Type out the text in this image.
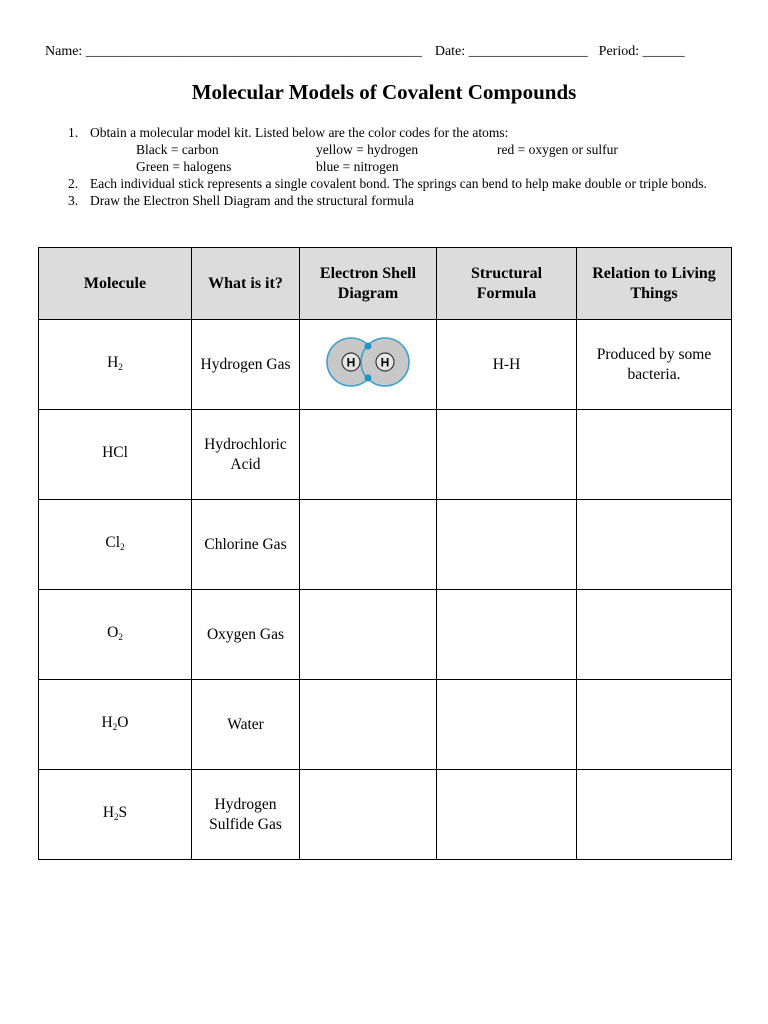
Name: ________________________________________________ Date: _________________ Period: ______
Molecular Models of Covalent Compounds
1. Obtain a molecular model kit. Listed below are the color codes for the atoms:
Black = carbon	yellow = hydrogen	red = oxygen or sulfur
Green = halogens	blue = nitrogen
2. Each individual stick represents a single covalent bond. The springs can bend to help make double or triple bonds.
3. Draw the Electron Shell Diagram and the structural formula
Molecule	What is it?	Electron Shell Diagram	Structural Formula	Relation to Living Things
$H_2$	Hydrogen Gas	H H	H-H	Produced by some bacteria.
HCl	Hydrochloric Acid			
$Cl_2$	Chlorine Gas			
$O_2$	Oxygen Gas			
$H_2O$	Water			
$H_2S$	Hydrogen Sulfide Gas			
